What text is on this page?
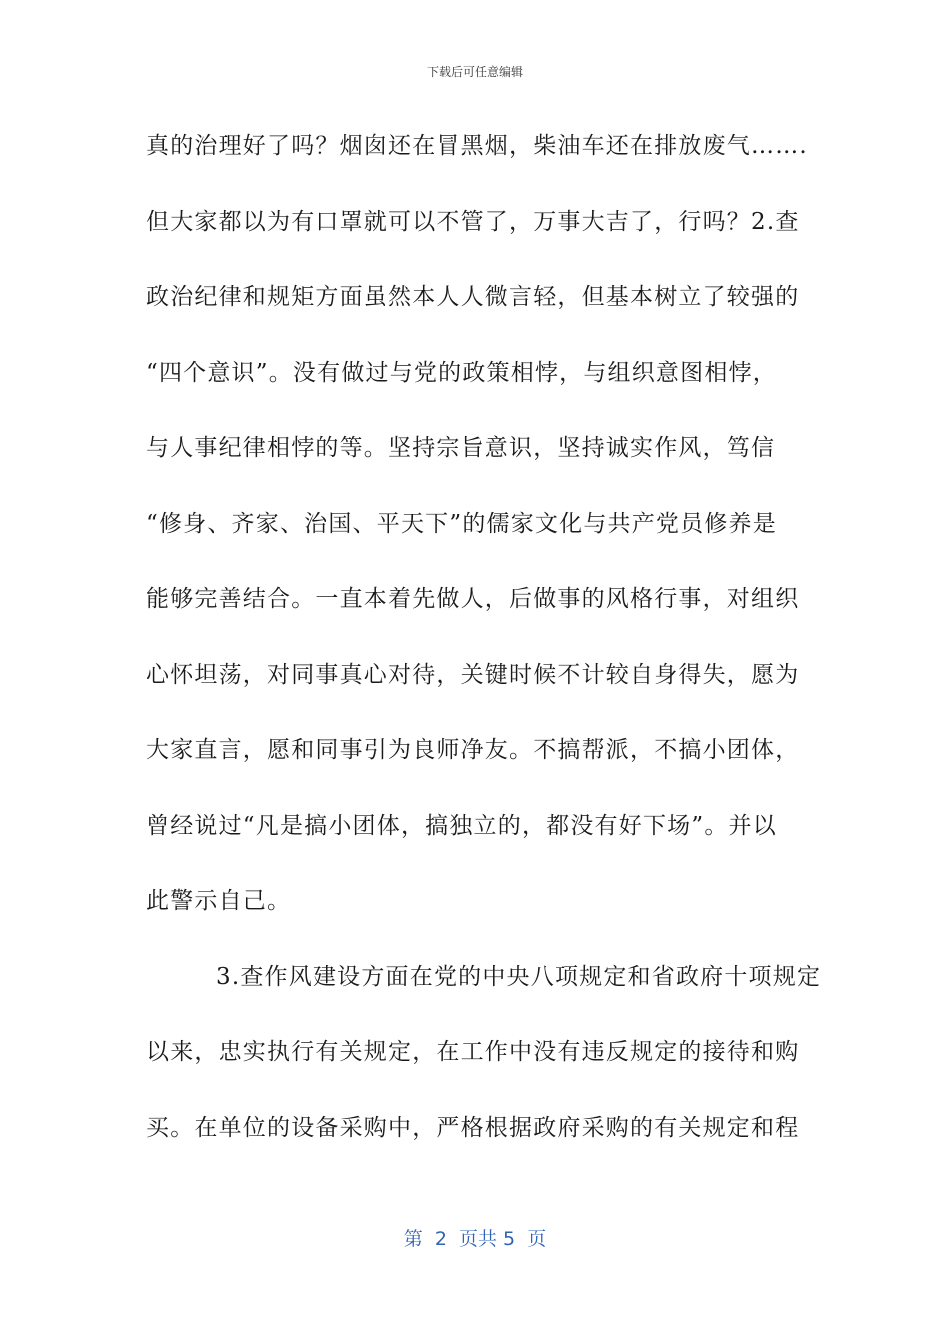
下载后可任意编辑
真的治理好了吗？烟囱还在冒黑烟，柴油车还在排放废气…….
但大家都以为有口罩就可以不管了，万事大吉了，行吗？2.查
政治纪律和规矩方面虽然本人人微言轻，但基本树立了较强的
“四个意识”。没有做过与党的政策相悖，与组织意图相悖，
与人事纪律相悖的等。坚持宗旨意识，坚持诚实作风，笃信
“修身、齐家、治国、平天下”的儒家文化与共产党员修养是
能够完善结合。一直本着先做人，后做事的风格行事，对组织
心怀坦荡，对同事真心对待，关键时候不计较自身得失，愿为
大家直言，愿和同事引为良师净友。不搞帮派，不搞小团体，
曾经说过“凡是搞小团体，搞独立的，都没有好下场”。并以
此警示自己。
3.查作风建设方面在党的中央八项规定和省政府十项规定
以来，忠实执行有关规定，在工作中没有违反规定的接待和购
买。在单位的设备采购中，严格根据政府采购的有关规定和程
第  2  页共 5  页
